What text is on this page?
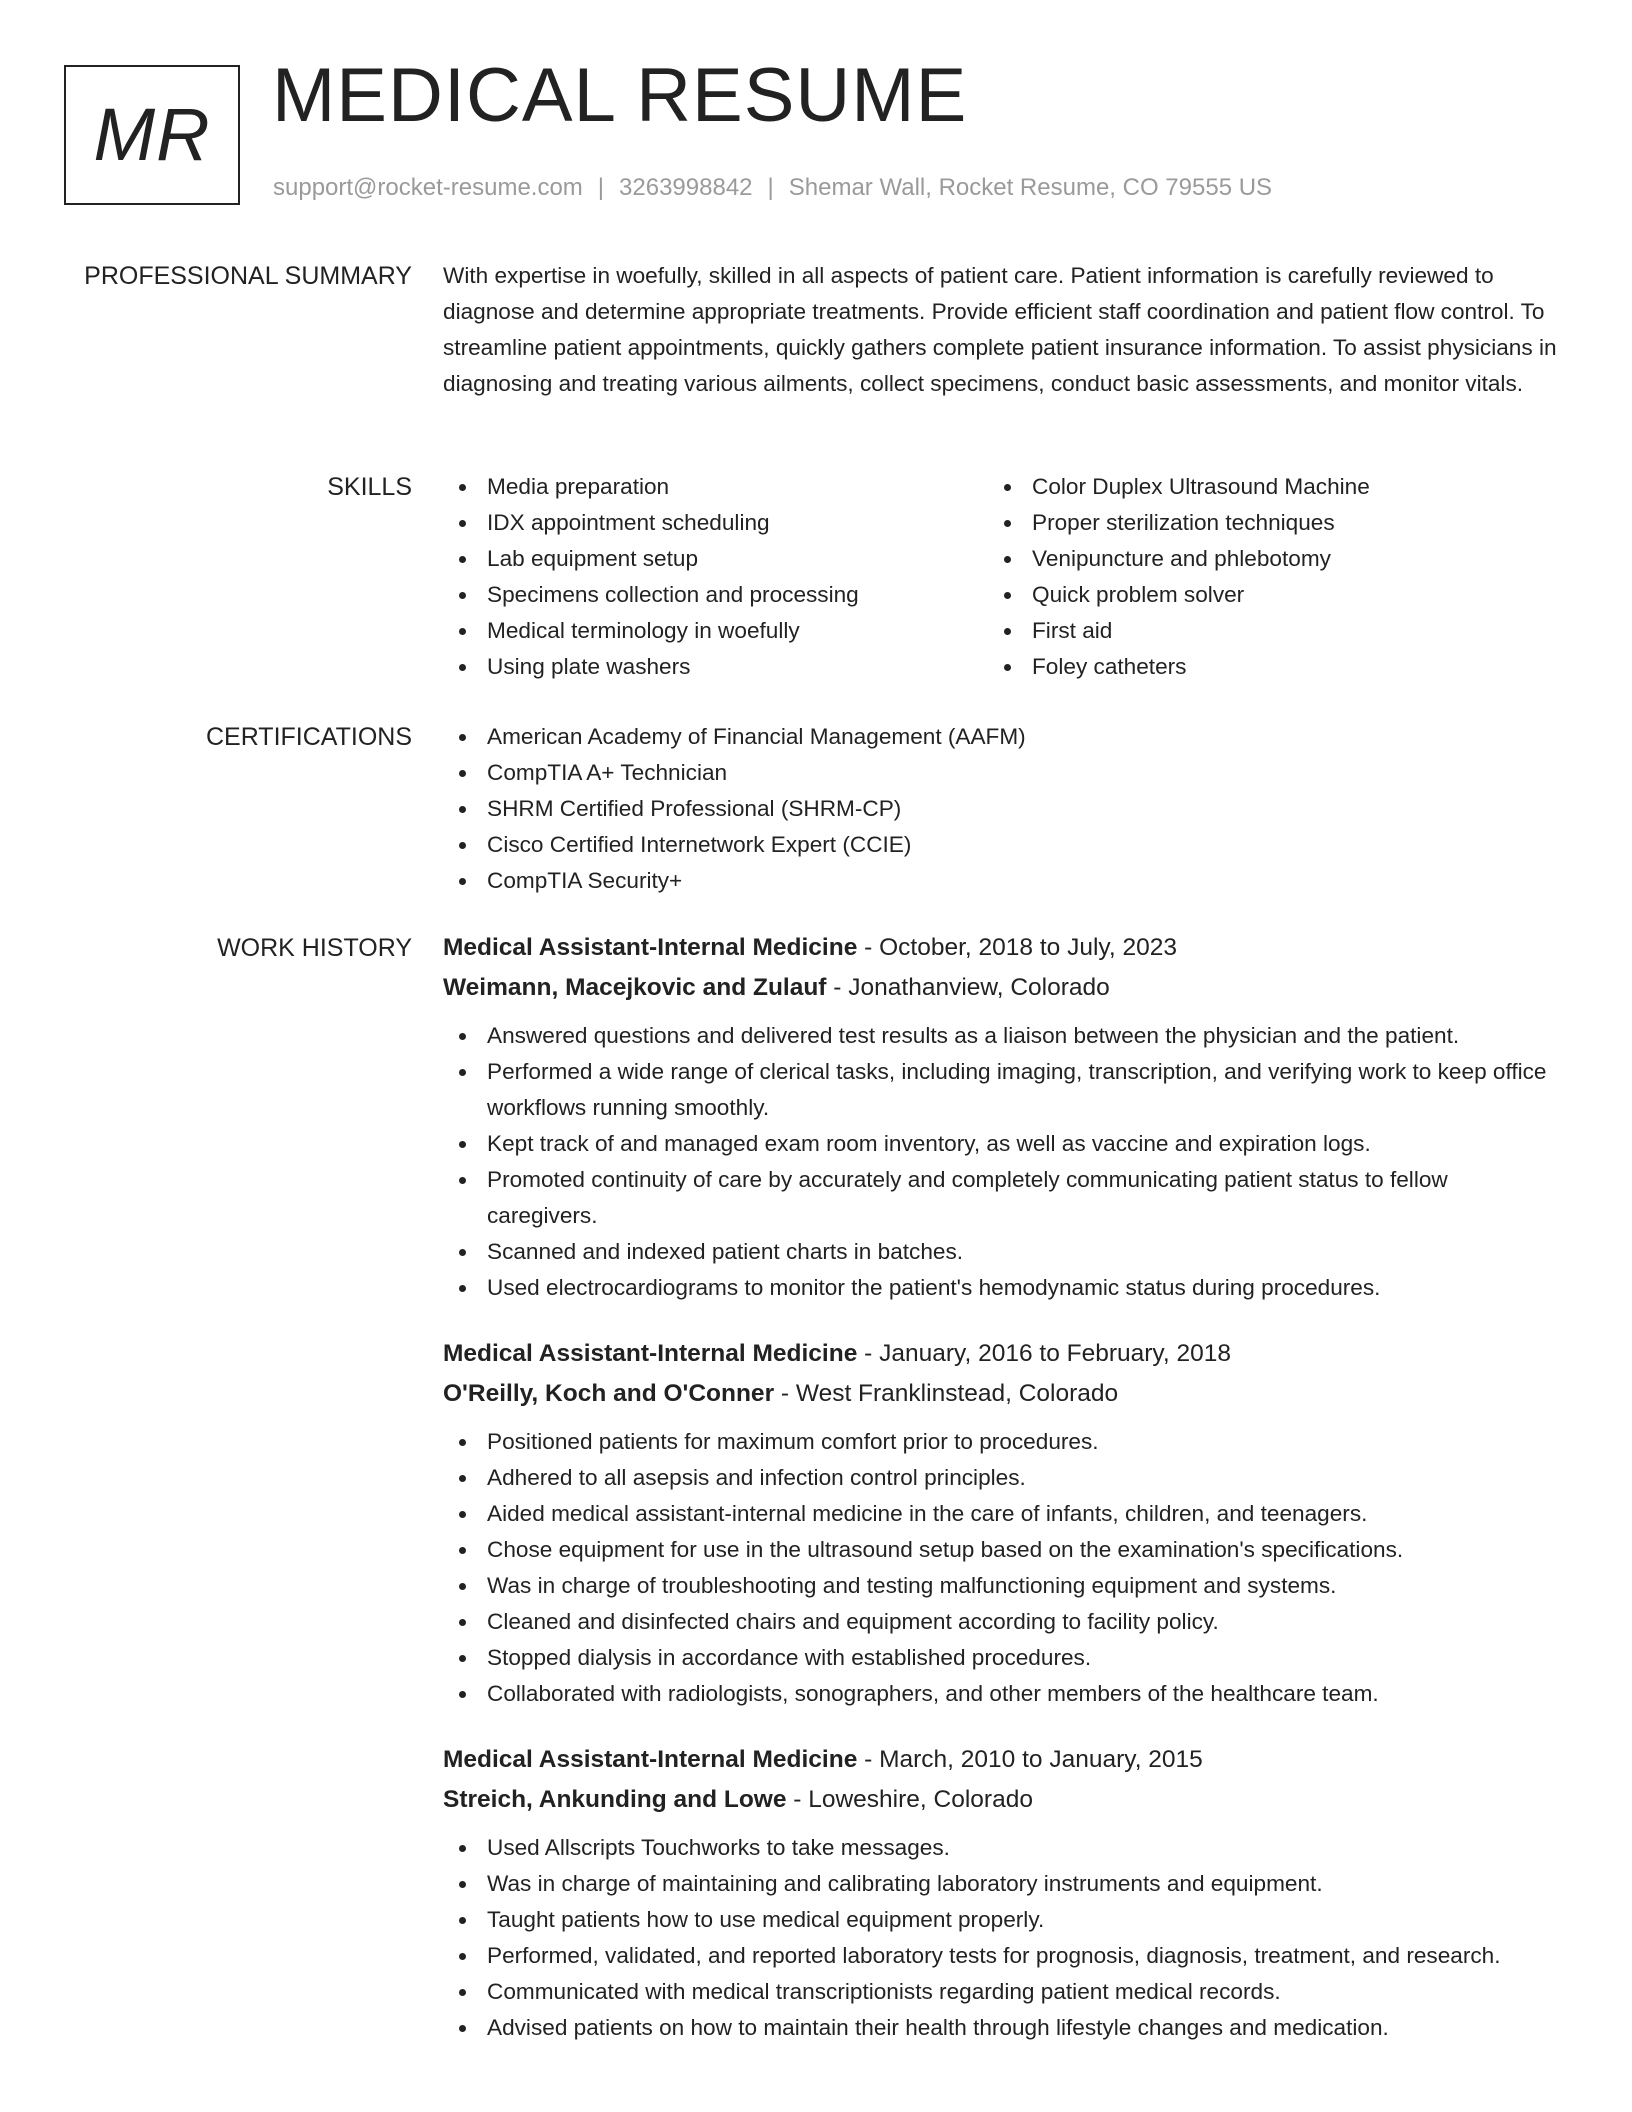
MR MEDICAL RESUME
support@rocket-resume.com | 3263998842 | Shemar Wall, Rocket Resume, CO 79555 US
PROFESSIONAL SUMMARY With expertise in woefully, skilled in all aspects of patient care. Patient information is carefully reviewed to diagnose and determine appropriate treatments. Provide efficient staff coordination and patient flow control. To streamline patient appointments, quickly gathers complete patient insurance information. To assist physicians in diagnosing and treating various ailments, collect specimens, conduct basic assessments, and monitor vitals.

SKILLS	Media preparation
IDX appointment scheduling
Lab equipment setup
Specimens collection and processing
Medical terminology in woefully
Using plate washers
Color Duplex Ultrasound Machine
Proper sterilization techniques
Venipuncture and phlebotomy
Quick problem solver
First aid
Foley catheters
CERTIFICATIONS	American Academy of Financial Management (AAFM)
CompTIA A+ Technician
SHRM Certified Professional (SHRM-CP)
Cisco Certified Internetwork Expert (CCIE)
CompTIA Security+
WORK HISTORY Medical Assistant-Internal Medicine - October, 2018 to July, 2023
Weimann, Macejkovic and Zulauf - Jonathanview, Colorado
Answered questions and delivered test results as a liaison between the physician and the patient.
Performed a wide range of clerical tasks, including imaging, transcription, and verifying work to keep office workflows running smoothly.
Kept track of and managed exam room inventory, as well as vaccine and expiration logs.
Promoted continuity of care by accurately and completely communicating patient status to fellow caregivers.
Scanned and indexed patient charts in batches.
Used electrocardiograms to monitor the patient's hemodynamic status during procedures.
Medical Assistant-Internal Medicine - January, 2016 to February, 2018
O'Reilly, Koch and O'Conner - West Franklinstead, Colorado
Positioned patients for maximum comfort prior to procedures.
Adhered to all asepsis and infection control principles.
Aided medical assistant-internal medicine in the care of infants, children, and teenagers.
Chose equipment for use in the ultrasound setup based on the examination's specifications.
Was in charge of troubleshooting and testing malfunctioning equipment and systems.
Cleaned and disinfected chairs and equipment according to facility policy.
Stopped dialysis in accordance with established procedures.
Collaborated with radiologists, sonographers, and other members of the healthcare team.
Medical Assistant-Internal Medicine - March, 2010 to January, 2015
Streich, Ankunding and Lowe - Loweshire, Colorado
Used Allscripts Touchworks to take messages.
Was in charge of maintaining and calibrating laboratory instruments and equipment.
Taught patients how to use medical equipment properly.
Performed, validated, and reported laboratory tests for prognosis, diagnosis, treatment, and research.
Communicated with medical transcriptionists regarding patient medical records.
Advised patients on how to maintain their health through lifestyle changes and medication.
